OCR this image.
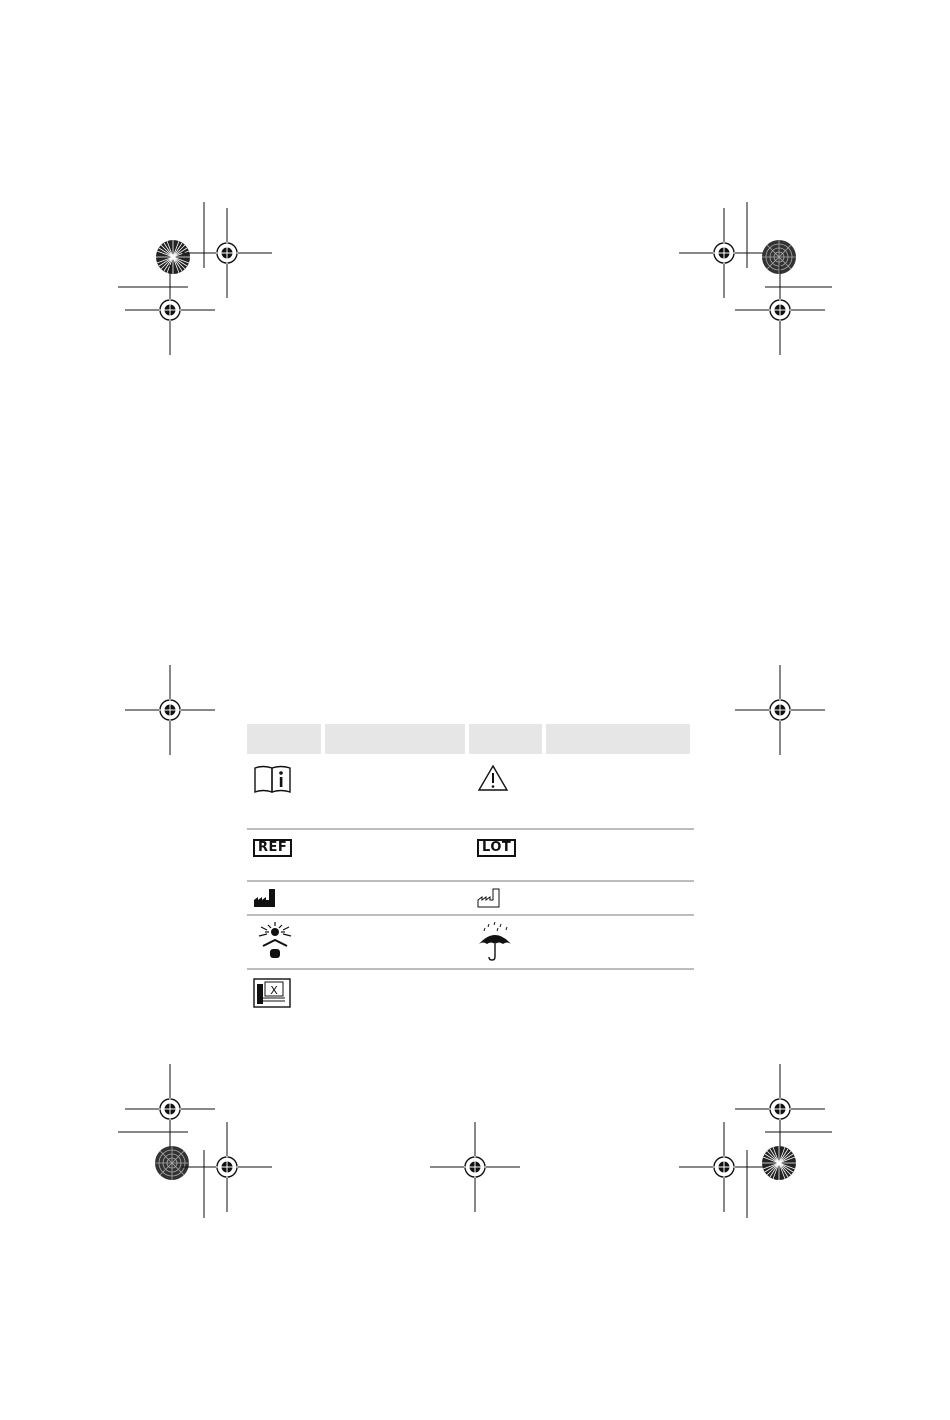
REF	LOT
X
